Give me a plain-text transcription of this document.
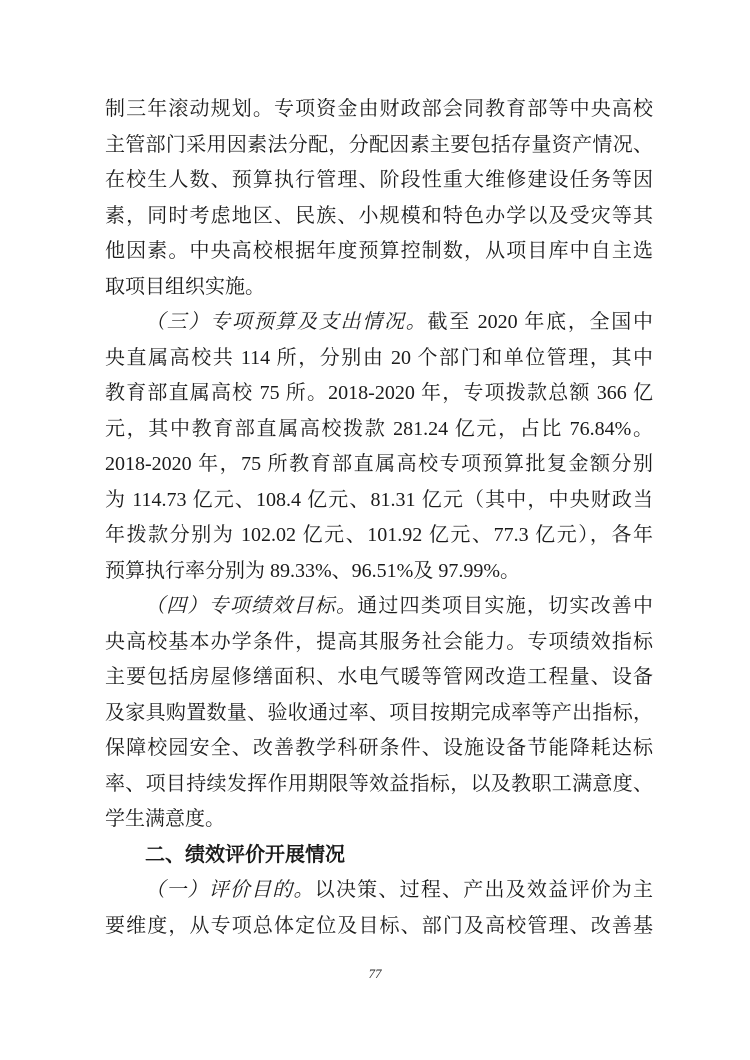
制三年滚动规划。专项资金由财政部会同教育部等中央高校

主管部门采用因素法分配，分配因素主要包括存量资产情况、

在校生人数、预算执行管理、阶段性重大维修建设任务等因

素，同时考虑地区、民族、小规模和特色办学以及受灾等其

他因素。中央高校根据年度预算控制数，从项目库中自主选

取项目组织实施。

（三）专项预算及支出情况。截至 2020 年底，全国中

央直属高校共 114 所，分别由 20 个部门和单位管理，其中

教育部直属高校 75 所。2018-2020 年，专项拨款总额 366 亿

元，其中教育部直属高校拨款 281.24 亿元，占比 76.84%。

2018-2020 年，75 所教育部直属高校专项预算批复金额分别

为 114.73 亿元、108.4 亿元、81.31 亿元（其中，中央财政当

年拨款分别为 102.02 亿元、101.92 亿元、77.3 亿元），各年

预算执行率分别为 89.33%、96.51%及 97.99%。

（四）专项绩效目标。通过四类项目实施，切实改善中

央高校基本办学条件，提高其服务社会能力。专项绩效指标

主要包括房屋修缮面积、水电气暖等管网改造工程量、设备

及家具购置数量、验收通过率、项目按期完成率等产出指标，

保障校园安全、改善教学科研条件、设施设备节能降耗达标

率、项目持续发挥作用期限等效益指标，以及教职工满意度、

学生满意度。

二、绩效评价开展情况

（一）评价目的。以决策、过程、产出及效益评价为主

要维度，从专项总体定位及目标、部门及高校管理、改善基

77
